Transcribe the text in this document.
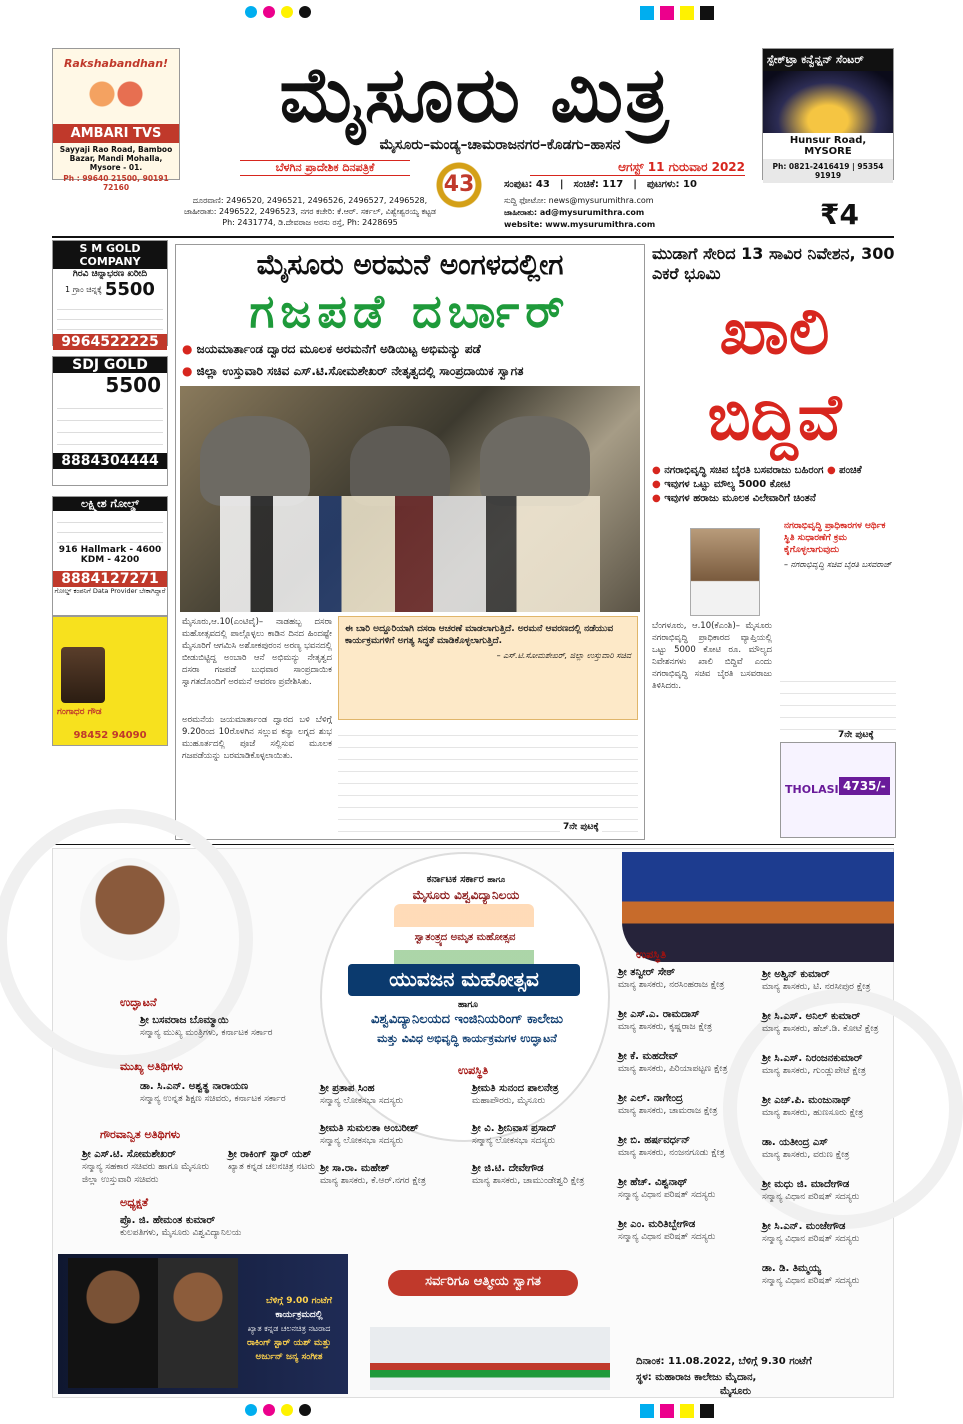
Rakshabandhan!
AMBARI TVS
Sayyaji Rao Road, Bamboo Bazar, Mandi Mohalla, Mysore - 01.
Ph : 99640 21500, 90191 72160
ಮೈಸೂರು ಮಿತ್ರ
ಮೈಸೂರು–ಮಂಡ್ಯ–ಚಾಮರಾಜನಗರ–ಕೊಡಗು–ಹಾಸನ
ಬೆಳಗಿನ ಪ್ರಾದೇಶಿಕ ದಿನಪತ್ರಿಕೆ
43
ಆಗಸ್ಟ್ 11 ಗುರುವಾರ 2022
ಸಂಪುಟ: 43 | ಸಂಚಿಕೆ: 117 | ಪುಟಗಳು: 10
ದೂರವಾಣಿ: 2496520, 2496521, 2496526, 2496527, 2496528,
ಜಾಹೀರಾತು: 2496522, 2496523, ನಗರ ಕಚೇರಿ: ಕೆ.ಆರ್. ಸರ್ಕಲ್, ವಿಶ್ವೇಶ್ವರಯ್ಯ ಕಟ್ಟಡ
Ph: 2431774, ಡಿ.ದೇವರಾಜ ಅರಸು ರಸ್ತೆ, Ph: 2428695
ಸುದ್ದಿ ಫೋಟೋ: news@mysurumithra.com
ಜಾಹೀರಾತು: ad@mysurumithra.com
website: www.mysurumithra.com	₹4
ಸ್ಪೇಕ್‌ಟ್ರಾ ಕನ್ವೆನ್ಷನ್ ಸೆಂಟರ್
Hunsur Road, MYSORE
Ph: 0821-2416419 | 95354 91919
S M GOLD COMPANY
ಗಿರವಿ ಚಿನ್ನಾಭರಣ ಖರೀದಿ
1 ಗ್ರಾಂ ಚಿನ್ನಕ್ಕೆ 5500
9964522225
SDJ GOLD
5500
8884304444
ಲಕ್ಷ್ಮೀಶ ಗೋಲ್ಡ್
916 Hallmark - 4600
KDM - 4200
8884127271
ಗೋಲ್ಡ್ ಕಂಪನಿಗೆ Data Provider ಬೇಕಾಗಿದ್ದಾರೆ
ಗಂಗಾಧರ ಗೌಡ
98452 94090
ಮೈಸೂರು ಅರಮನೆ ಅಂಗಳದಲ್ಲೀಗ
ಗಜಪಡೆ ದರ್ಬಾರ್
● ಜಯಮಾರ್ತಾಂಡ ದ್ವಾರದ ಮೂಲಕ ಅರಮನೆಗೆ ಅಡಿಯಿಟ್ಟ ಅಭಿಮನ್ಯು ಪಡೆ
● ಜಿಲ್ಲಾ ಉಸ್ತುವಾರಿ ಸಚಿವ ಎಸ್.ಟಿ.ಸೋಮಶೇಖರ್ ನೇತೃತ್ವದಲ್ಲಿ ಸಾಂಪ್ರದಾಯಿಕ ಸ್ವಾಗತ
ಮೈಸೂರು,ಆ.10(ಎಂಟಿವೈ)– ನಾಡಹಬ್ಬ ದಸರಾ ಮಹೋತ್ಸವದಲ್ಲಿ ಪಾಲ್ಗೊಳ್ಳಲು ಕಾಡಿನ ದಿನದ ಹಿಂದಷ್ಟೇ ಮೈಸೂರಿಗೆ ಆಗಮಿಸಿ ಅಶೋಕಪುರಂನ ಅರಣ್ಯ ಭವನದಲ್ಲಿ ಬೀಡುಬಿಟ್ಟಿದ್ದ ಅಂಬಾರಿ ಆನೆ ಅಭಿಮನ್ಯು ನೇತೃತ್ವದ ದಸರಾ ಗಜಪಡೆ ಬುಧವಾರ ಸಾಂಪ್ರದಾಯಿಕ ಸ್ವಾಗತದೊಂದಿಗೆ ಅರಮನೆ ಆವರಣ ಪ್ರವೇಶಿಸಿತು.
ಅರಮನೆಯ ಜಯಮಾರ್ತಾಂಡ ದ್ವಾರದ ಬಳಿ ಬೆಳಿಗ್ಗೆ 9.20ರಿಂದ 10ರೊಳಗಿನ ಸಲ್ಲುವ ಕನ್ಯಾ ಲಗ್ನದ ಶುಭ ಮುಹೂರ್ತದಲ್ಲಿ ಪೂಜೆ ಸಲ್ಲಿಸುವ ಮೂಲಕ ಗಜಪಡೆಯನ್ನು ಬರಮಾಡಿಕೊಳ್ಳಲಾಯಿತು.
ಈ ಬಾರಿ ಅದ್ದೂರಿಯಾಗಿ ದಸರಾ ಆಚರಣೆ ಮಾಡಲಾಗುತ್ತಿದೆ. ಅರಮನೆ ಆವರಣದಲ್ಲಿ ನಡೆಯುವ ಕಾರ್ಯಕ್ರಮಗಳಿಗೆ ಅಗತ್ಯ ಸಿದ್ಧತೆ ಮಾಡಿಕೊಳ್ಳಲಾಗುತ್ತಿದೆ.
– ಎಸ್.ಟಿ.ಸೋಮಶೇಖರ್, ಜಿಲ್ಲಾ ಉಸ್ತುವಾರಿ ಸಚಿವ
7ನೇ ಪುಟಕ್ಕೆ
ಮುಡಾಗೆ ಸೇರಿದ 13 ಸಾವಿರ ನಿವೇಶನ, 300 ಎಕರೆ ಭೂಮಿ
ಖಾಲಿ
ಬಿದ್ದಿವೆ
● ನಗರಾಭಿವೃದ್ಧಿ ಸಚಿವ ಬೈರತಿ ಬಸವರಾಜು ಬಹಿರಂಗ ● ಪಂಚಿಕೆ
● ಇವುಗಳ ಒಟ್ಟು ಮೌಲ್ಯ 5000 ಕೋಟಿ
● ಇವುಗಳ ಹರಾಜು ಮೂಲಕ ವಿಲೇವಾರಿಗೆ ಚಿಂತನೆ
ಬೆಂಗಳೂರು, ಆ.10(ಕೆಎಂಶಿ)– ಮೈಸೂರು ನಗರಾಭಿವೃದ್ಧಿ ಪ್ರಾಧಿಕಾರದ ವ್ಯಾಪ್ತಿಯಲ್ಲಿ ಒಟ್ಟು 5000 ಕೋಟಿ ರೂ. ಮೌಲ್ಯದ ನಿವೇಶನಗಳು ಖಾಲಿ ಬಿದ್ದಿವೆ ಎಂದು ನಗರಾಭಿವೃದ್ಧಿ ಸಚಿವ ಬೈರತಿ ಬಸವರಾಜು ತಿಳಿಸಿದರು.
ನಗರಾಭಿವೃದ್ಧಿ ಪ್ರಾಧಿಕಾರಗಳ ಆರ್ಥಿಕ ಸ್ಥಿತಿ ಸುಧಾರಣೆಗೆ ಕ್ರಮ ಕೈಗೊಳ್ಳಲಾಗುವುದು
– ನಗರಾಭಿವೃದ್ಧಿ ಸಚಿವ ಬೈರತಿ ಬಸವರಾಜ್
7ನೇ ಪುಟಕ್ಕೆ
THOLASI 4735/-
ಕರ್ನಾಟಕ ಸರ್ಕಾರ ಹಾಗೂ
ಮೈಸೂರು ವಿಶ್ವವಿದ್ಯಾನಿಲಯ
ಸ್ವಾತಂತ್ರ್ಯದ ಅಮೃತ ಮಹೋತ್ಸವ
ಯುವಜನ ಮಹೋತ್ಸವ
ಹಾಗೂ
ವಿಶ್ವವಿದ್ಯಾನಿಲಯದ ಇಂಜಿನಿಯರಿಂಗ್ ಕಾಲೇಜು
ಮತ್ತು ವಿವಿಧ ಅಭಿವೃದ್ಧಿ ಕಾರ್ಯಕ್ರಮಗಳ ಉದ್ಘಾಟನೆ
ಉದ್ಘಾಟನೆ
ಶ್ರೀ ಬಸವರಾಜ ಬೊಮ್ಮಾಯಿ
ಸನ್ಮಾನ್ಯ ಮುಖ್ಯ ಮಂತ್ರಿಗಳು, ಕರ್ನಾಟಕ ಸರ್ಕಾರ
ಮುಖ್ಯ ಅತಿಥಿಗಳು
ಡಾ. ಸಿ.ಎನ್. ಅಶ್ವತ್ಥ ನಾರಾಯಣ
ಸನ್ಮಾನ್ಯ ಉನ್ನತ ಶಿಕ್ಷಣ ಸಚಿವರು, ಕರ್ನಾಟಕ ಸರ್ಕಾರ
ಗೌರವಾನ್ವಿತ ಅತಿಥಿಗಳು
ಶ್ರೀ ಎಸ್.ಟಿ. ಸೋಮಶೇಖರ್
ಸನ್ಮಾನ್ಯ ಸಹಕಾರ ಸಚಿವರು ಹಾಗೂ ಮೈಸೂರು ಜಿಲ್ಲಾ ಉಸ್ತುವಾರಿ ಸಚಿವರು
ಶ್ರೀ ರಾಕಿಂಗ್ ಸ್ಟಾರ್ ಯಶ್
ಖ್ಯಾತ ಕನ್ನಡ ಚಲನಚಿತ್ರ ನಟರು
ಅಧ್ಯಕ್ಷತೆ
ಪ್ರೊ. ಜಿ. ಹೇಮಂತ ಕುಮಾರ್
ಕುಲಪತಿಗಳು, ಮೈಸೂರು ವಿಶ್ವವಿದ್ಯಾನಿಲಯ
ಉಪಸ್ಥಿತಿ
ಶ್ರೀ ಪ್ರತಾಪ ಸಿಂಹ
ಸನ್ಮಾನ್ಯ ಲೋಕಸಭಾ ಸದಸ್ಯರು
ಶ್ರೀಮತಿ ಸುನಂದ ಪಾಲನೇತ್ರ
ಮಹಾಪೌರರು, ಮೈಸೂರು
ಶ್ರೀಮತಿ ಸುಮಲತಾ ಅಂಬರೀಶ್
ಸನ್ಮಾನ್ಯ ಲೋಕಸಭಾ ಸದಸ್ಯರು
ಶ್ರೀ ವಿ. ಶ್ರೀನಿವಾಸ ಪ್ರಸಾದ್
ಸನ್ಮಾನ್ಯ ಲೋಕಸಭಾ ಸದಸ್ಯರು
ಶ್ರೀ ಸಾ.ರಾ. ಮಹೇಶ್
ಮಾನ್ಯ ಶಾಸಕರು, ಕೆ.ಆರ್.ನಗರ ಕ್ಷೇತ್ರ
ಶ್ರೀ ಜಿ.ಟಿ. ದೇವೇಗೌಡ
ಮಾನ್ಯ ಶಾಸಕರು, ಚಾಮುಂಡೇಶ್ವರಿ ಕ್ಷೇತ್ರ
ಉಪಸ್ಥಿತಿ
ಶ್ರೀ ತನ್ವೀರ್ ಸೇಠ್
ಮಾನ್ಯ ಶಾಸಕರು, ನರಸಿಂಹರಾಜ ಕ್ಷೇತ್ರ
ಶ್ರೀ ಎಸ್.ಎ. ರಾಮದಾಸ್
ಮಾನ್ಯ ಶಾಸಕರು, ಕೃಷ್ಣರಾಜ ಕ್ಷೇತ್ರ
ಶ್ರೀ ಕೆ. ಮಹದೇವ್
ಮಾನ್ಯ ಶಾಸಕರು, ಪಿರಿಯಾಪಟ್ಟಣ ಕ್ಷೇತ್ರ
ಶ್ರೀ ಎಲ್. ನಾಗೇಂದ್ರ
ಮಾನ್ಯ ಶಾಸಕರು, ಚಾಮರಾಜ ಕ್ಷೇತ್ರ
ಶ್ರೀ ಬಿ. ಹರ್ಷವರ್ಧನ್
ಮಾನ್ಯ ಶಾಸಕರು, ನಂಜನಗೂಡು ಕ್ಷೇತ್ರ
ಶ್ರೀ ಹೆಚ್. ವಿಶ್ವನಾಥ್
ಸನ್ಮಾನ್ಯ ವಿಧಾನ ಪರಿಷತ್ ಸದಸ್ಯರು
ಶ್ರೀ ಎಂ. ಮರಿತಿಬ್ಬೇಗೌಡ
ಸನ್ಮಾನ್ಯ ವಿಧಾನ ಪರಿಷತ್ ಸದಸ್ಯರು
ಶ್ರೀ ಅಶ್ವಿನ್ ಕುಮಾರ್
ಮಾನ್ಯ ಶಾಸಕರು, ಟಿ. ನರಸೀಪುರ ಕ್ಷೇತ್ರ
ಶ್ರೀ ಸಿ.ಎಸ್. ಅನಿಲ್ ಕುಮಾರ್
ಮಾನ್ಯ ಶಾಸಕರು, ಹೆಚ್.ಡಿ. ಕೋಟೆ ಕ್ಷೇತ್ರ
ಶ್ರೀ ಸಿ.ಎಸ್. ನಿರಂಜನಕುಮಾರ್
ಮಾನ್ಯ ಶಾಸಕರು, ಗುಂಡ್ಲುಪೇಟೆ ಕ್ಷೇತ್ರ
ಶ್ರೀ ಎಚ್.ಪಿ. ಮಂಜುನಾಥ್
ಮಾನ್ಯ ಶಾಸಕರು, ಹುಣಸೂರು ಕ್ಷೇತ್ರ
ಡಾ. ಯತೀಂದ್ರ ಎಸ್
ಮಾನ್ಯ ಶಾಸಕರು, ವರುಣ ಕ್ಷೇತ್ರ
ಶ್ರೀ ಮಧು ಜಿ. ಮಾದೇಗೌಡ
ಸನ್ಮಾನ್ಯ ವಿಧಾನ ಪರಿಷತ್ ಸದಸ್ಯರು
ಶ್ರೀ ಸಿ.ಎನ್. ಮಂಜೇಗೌಡ
ಸನ್ಮಾನ್ಯ ವಿಧಾನ ಪರಿಷತ್ ಸದಸ್ಯರು
ಡಾ. ಡಿ. ತಿಮ್ಮಯ್ಯ
ಸನ್ಮಾನ್ಯ ವಿಧಾನ ಪರಿಷತ್ ಸದಸ್ಯರು
ಬೆಳಿಗ್ಗೆ 9.00 ಗಂಟೆಗೆ
ಕಾರ್ಯಕ್ರಮದಲ್ಲಿ
ಖ್ಯಾತ ಕನ್ನಡ ಚಲನಚಿತ್ರ ನಟರಾದ
ರಾಕಿಂಗ್ ಸ್ಟಾರ್ ಯಶ್ ಮತ್ತು
ಅರ್ಜುನ್ ಜನ್ಯ ಸಂಗೀತ
ಸರ್ವರಿಗೂ ಆತ್ಮೀಯ ಸ್ವಾಗತ
ದಿನಾಂಕ: 11.08.2022, ಬೆಳಿಗ್ಗೆ 9.30 ಗಂಟೆಗೆ
ಸ್ಥಳ: ಮಹಾರಾಜ ಕಾಲೇಜು ಮೈದಾನ,
ಮೈಸೂರು
